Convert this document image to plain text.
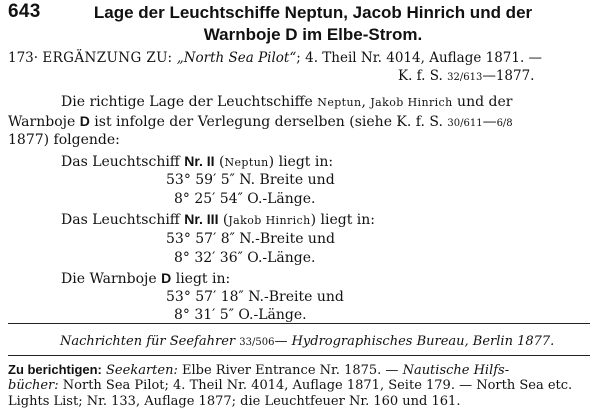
643	Lage der Leuchtschiffe Neptun, Jacob Hinrich und der
Warnboje D im Elbe-Strom.
173· ERGÄNZUNG ZU: „North Sea Pilot“; 4. Theil Nr. 4014, Auflage 1871. —
K. f. S. 32/613—1877.
Die richtige Lage der Leuchtschiffe Neptun, Jakob Hinrich und der
Warnboje D ist infolge der Verlegung derselben (siehe K. f. S. 30/611—6/8
1877) folgende:
Das Leuchtschiff Nr. II (Neptun) liegt in:
53° 59′ 5″ N. Breite und
8° 25′ 54″ O.-Länge.
Das Leuchtschiff Nr. III (Jakob Hinrich) liegt in:
53° 57′ 8″ N.-Breite und
8° 32′ 36″ O.-Länge.
Die Warnboje D liegt in:
53° 57′ 18″ N.-Breite und
8° 31′ 5″ O.-Länge.
Nachrichten für Seefahrer 33/506— Hydrographisches Bureau, Berlin 1877.
Zu berichtigen: Seekarten: Elbe River Entrance Nr. 1875. — Nautische Hilfs-
bücher: North Sea Pilot; 4. Theil Nr. 4014, Auflage 1871, Seite 179. — North Sea etc.
Lights List; Nr. 133, Auflage 1877; die Leuchtfeuer Nr. 160 und 161.
